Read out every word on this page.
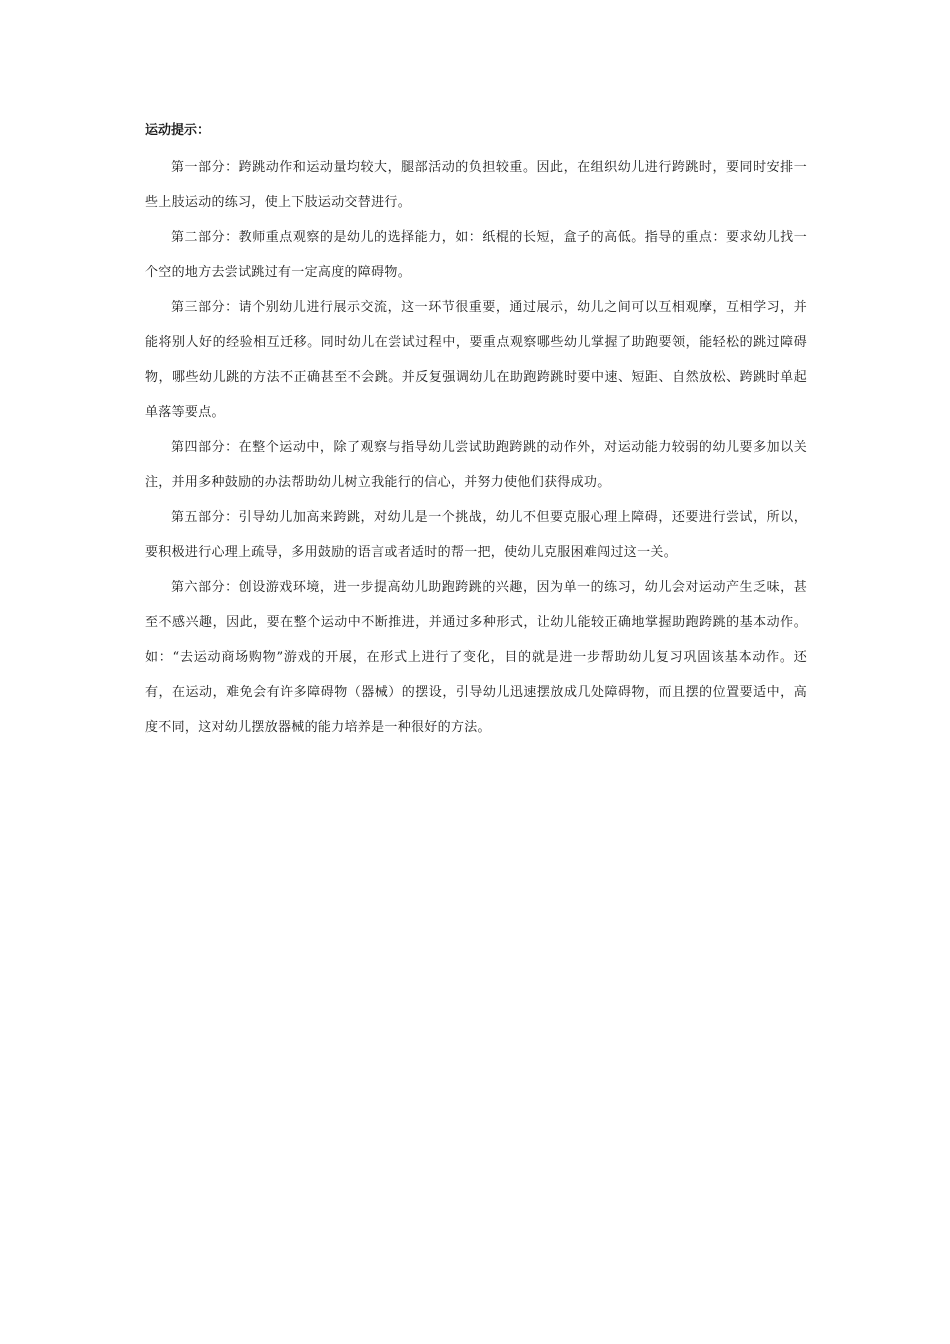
运动提示：

第一部分：跨跳动作和运动量均较大，腿部活动的负担较重。因此，在组织幼儿进行跨跳时，要同时安排一些上肢运动的练习，使上下肢运动交替进行。

第二部分：教师重点观察的是幼儿的选择能力，如：纸棍的长短，盒子的高低。指导的重点：要求幼儿找一个空的地方去尝试跳过有一定高度的障碍物。

第三部分：请个别幼儿进行展示交流，这一环节很重要，通过展示，幼儿之间可以互相观摩，互相学习，并能将别人好的经验相互迁移。同时幼儿在尝试过程中，要重点观察哪些幼儿掌握了助跑要领，能轻松的跳过障碍物，哪些幼儿跳的方法不正确甚至不会跳。并反复强调幼儿在助跑跨跳时要中速、短距、自然放松、跨跳时单起单落等要点。

第四部分：在整个运动中，除了观察与指导幼儿尝试助跑跨跳的动作外，对运动能力较弱的幼儿要多加以关注，并用多种鼓励的办法帮助幼儿树立我能行的信心，并努力使他们获得成功。

第五部分：引导幼儿加高来跨跳，对幼儿是一个挑战，幼儿不但要克服心理上障碍，还要进行尝试，所以，要积极进行心理上疏导，多用鼓励的语言或者适时的帮一把，使幼儿克服困难闯过这一关。

第六部分：创设游戏环境，进一步提高幼儿助跑跨跳的兴趣，因为单一的练习，幼儿会对运动产生乏味，甚至不感兴趣，因此，要在整个运动中不断推进，并通过多种形式，让幼儿能较正确地掌握助跑跨跳的基本动作。如：“去运动商场购物”游戏的开展，在形式上进行了变化，目的就是进一步帮助幼儿复习巩固该基本动作。还有，在运动，难免会有许多障碍物（器械）的摆设，引导幼儿迅速摆放成几处障碍物，而且摆的位置要适中，高度不同，这对幼儿摆放器械的能力培养是一种很好的方法。
